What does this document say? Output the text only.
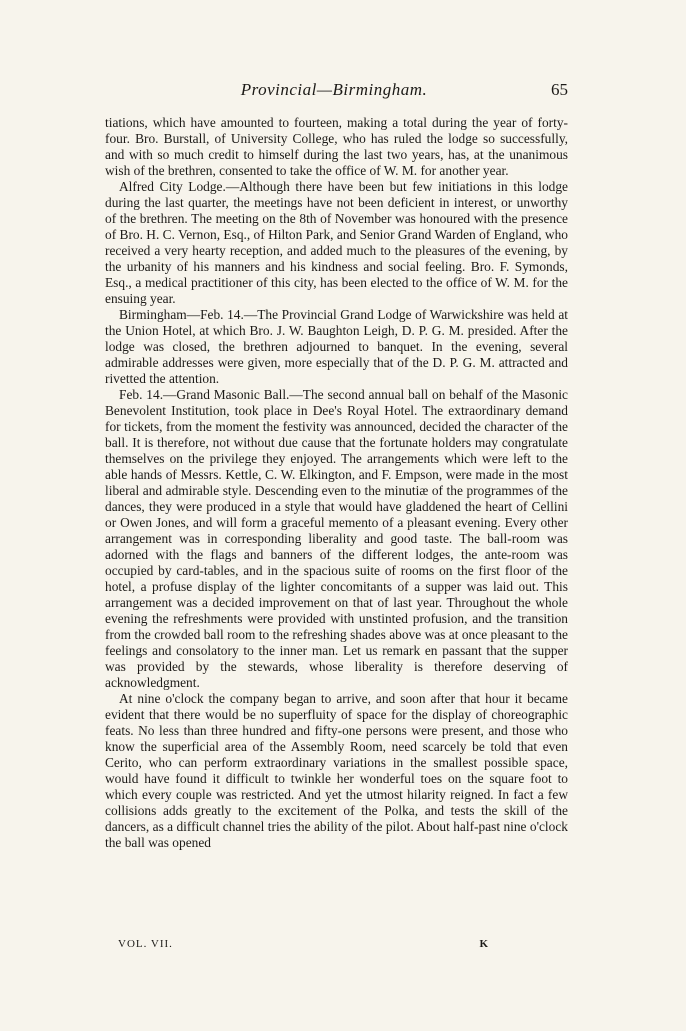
Provincial—Birmingham.	65

tiations, which have amounted to fourteen, making a total during the year of forty-four. Bro. Burstall, of University College, who has ruled the lodge so successfully, and with so much credit to himself during the last two years, has, at the unanimous wish of the brethren, consented to take the office of W. M. for another year.

Alfred City Lodge.—Although there have been but few initiations in this lodge during the last quarter, the meetings have not been deficient in interest, or unworthy of the brethren. The meeting on the 8th of November was honoured with the presence of Bro. H. C. Vernon, Esq., of Hilton Park, and Senior Grand Warden of England, who received a very hearty reception, and added much to the pleasures of the evening, by the urbanity of his manners and his kindness and social feeling. Bro. F. Symonds, Esq., a medical practitioner of this city, has been elected to the office of W. M. for the ensuing year.

Birmingham—Feb. 14.—The Provincial Grand Lodge of Warwickshire was held at the Union Hotel, at which Bro. J. W. Baughton Leigh, D. P. G. M. presided. After the lodge was closed, the brethren adjourned to banquet. In the evening, several admirable addresses were given, more especially that of the D. P. G. M. attracted and rivetted the attention.

Feb. 14.—Grand Masonic Ball.—The second annual ball on behalf of the Masonic Benevolent Institution, took place in Dee's Royal Hotel. The extraordinary demand for tickets, from the moment the festivity was announced, decided the character of the ball. It is therefore, not without due cause that the fortunate holders may congratulate themselves on the privilege they enjoyed. The arrangements which were left to the able hands of Messrs. Kettle, C. W. Elkington, and F. Empson, were made in the most liberal and admirable style. Descending even to the minutiæ of the programmes of the dances, they were produced in a style that would have gladdened the heart of Cellini or Owen Jones, and will form a graceful memento of a pleasant evening. Every other arrangement was in corresponding liberality and good taste. The ball-room was adorned with the flags and banners of the different lodges, the ante-room was occupied by card-tables, and in the spacious suite of rooms on the first floor of the hotel, a profuse display of the lighter concomitants of a supper was laid out. This arrangement was a decided improvement on that of last year. Throughout the whole evening the refreshments were provided with unstinted profusion, and the transition from the crowded ball room to the refreshing shades above was at once pleasant to the feelings and consolatory to the inner man. Let us remark en passant that the supper was provided by the stewards, whose liberality is therefore deserving of acknowledgment.

At nine o'clock the company began to arrive, and soon after that hour it became evident that there would be no superfluity of space for the display of choreographic feats. No less than three hundred and fifty-one persons were present, and those who know the superficial area of the Assembly Room, need scarcely be told that even Cerito, who can perform extraordinary variations in the smallest possible space, would have found it difficult to twinkle her wonderful toes on the square foot to which every couple was restricted. And yet the utmost hilarity reigned. In fact a few collisions adds greatly to the excitement of the Polka, and tests the skill of the dancers, as a difficult channel tries the ability of the pilot. About half-past nine o'clock the ball was opened

VOL. VII.	K
